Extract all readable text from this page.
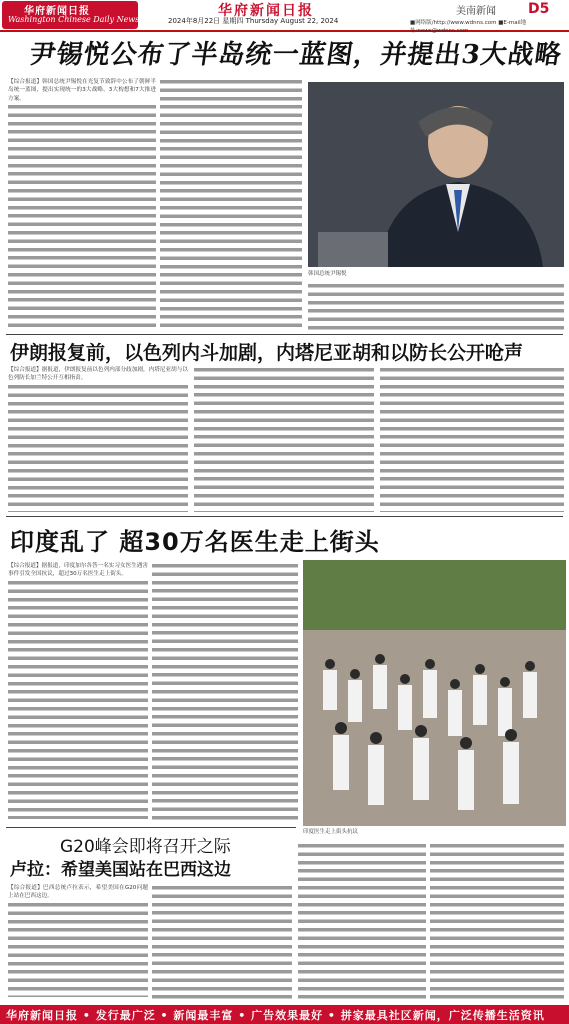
华府新闻日报
Washington Chinese Daily News
华府新闻日报	美南新闻 D5
2024年8月22日 星期四 Thursday August 22, 2024	■网络版/http://www.wdnns.com ■E-mail地址:news@wdnns.com
尹锡悦公布了半岛统一蓝图，并提出3大战略
【综合报道】韩国总统尹锡悦在光复节致辞中公布了朝鲜半岛统一蓝图，提出实现统一的3大战略、3大构想和7大推进方案。
韩国总统尹锡悦
伊朗报复前，以色列内斗加剧，内塔尼亚胡和以防长公开呛声
【综合报道】据报道，伊朗报复前以色列内部分歧加剧，内塔尼亚胡与以色列防长加兰特公开互相指责。
印度乱了 超30万名医生走上街头
【综合报道】据报道，印度加尔各答一名实习女医生遇害事件引发全国抗议，超过30万名医生走上街头。
印度医生走上街头抗议
G20峰会即将召开之际
卢拉：希望美国站在巴西这边
【综合报道】巴西总统卢拉表示，希望美国在G20问题上站在巴西这边。
华府新闻日报 • 发行最广泛 • 新闻最丰富 • 广告效果最好 • 拼家最具社区新闻，广泛传播生活资讯
